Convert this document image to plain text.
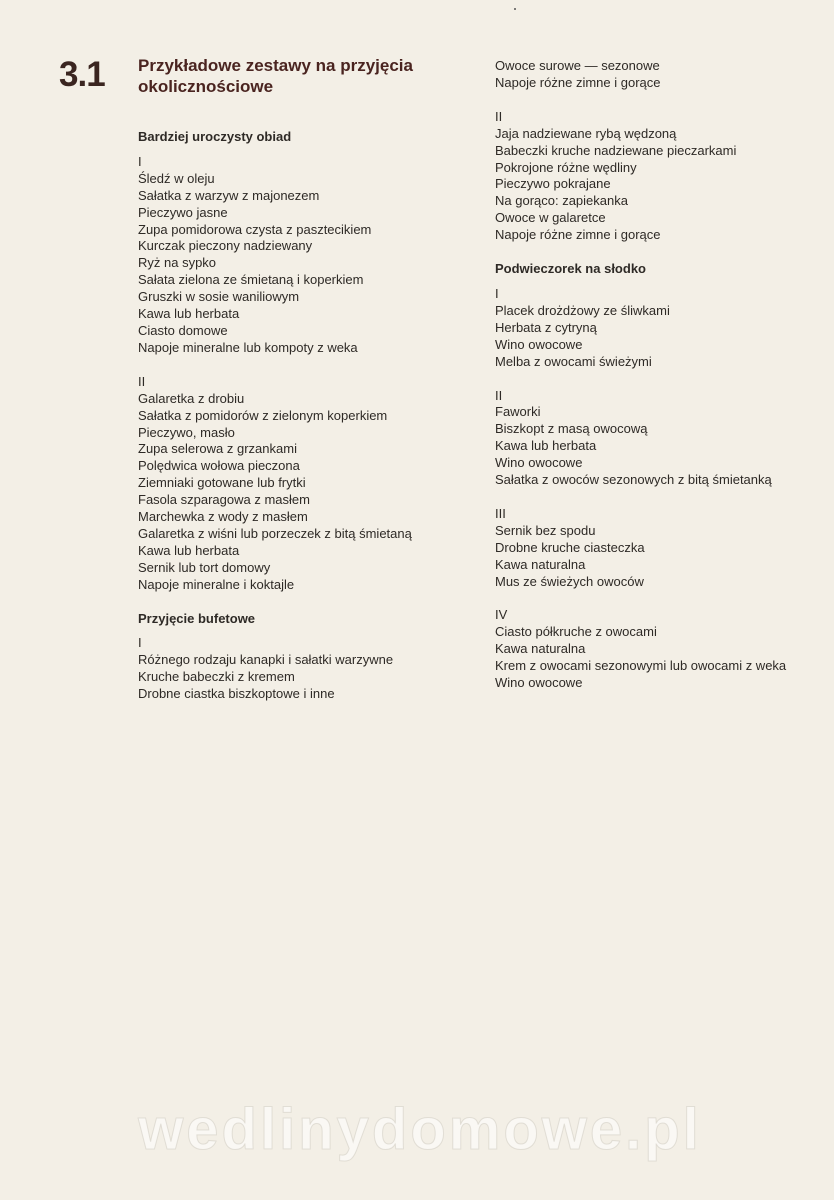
3.1 Przykładowe zestawy na przyjęcia okolicznościowe

Bardziej uroczysty obiad

I
Śledź w oleju
Sałatka z warzyw z majonezem
Pieczywo jasne
Zupa pomidorowa czysta z pasztecikiem
Kurczak pieczony nadziewany
Ryż na sypko
Sałata zielona ze śmietaną i koperkiem
Gruszki w sosie waniliowym
Kawa lub herbata
Ciasto domowe
Napoje mineralne lub kompoty z weka
II
Galaretka z drobiu
Sałatka z pomidorów z zielonym koperkiem
Pieczywo, masło
Zupa selerowa z grzankami
Polędwica wołowa pieczona
Ziemniaki gotowane lub frytki
Fasola szparagowa z masłem
Marchewka z wody z masłem
Galaretka z wiśni lub porzeczek z bitą śmietaną
Kawa lub herbata
Sernik lub tort domowy
Napoje mineralne i koktajle

Przyjęcie bufetowe

I
Różnego rodzaju kanapki i sałatki warzywne
Kruche babeczki z kremem
Drobne ciastka biszkoptowe i inne
Owoce surowe — sezonowe
Napoje różne zimne i gorące
II
Jaja nadziewane rybą wędzoną
Babeczki kruche nadziewane pieczarkami
Pokrojone różne wędliny
Pieczywo pokrajane
Na gorąco: zapiekanka
Owoce w galaretce
Napoje różne zimne i gorące

Podwieczorek na słodko

I
Placek drożdżowy ze śliwkami
Herbata z cytryną
Wino owocowe
Melba z owocami świeżymi
II
Faworki
Biszkopt z masą owocową
Kawa lub herbata
Wino owocowe
Sałatka z owoców sezonowych z bitą śmietanką
III
Sernik bez spodu
Drobne kruche ciasteczka
Kawa naturalna
Mus ze świeżych owoców
IV
Ciasto półkruche z owocami
Kawa naturalna
Krem z owocami sezonowymi lub owocami z weka
Wino owocowe
wedlinydomowe.pl
